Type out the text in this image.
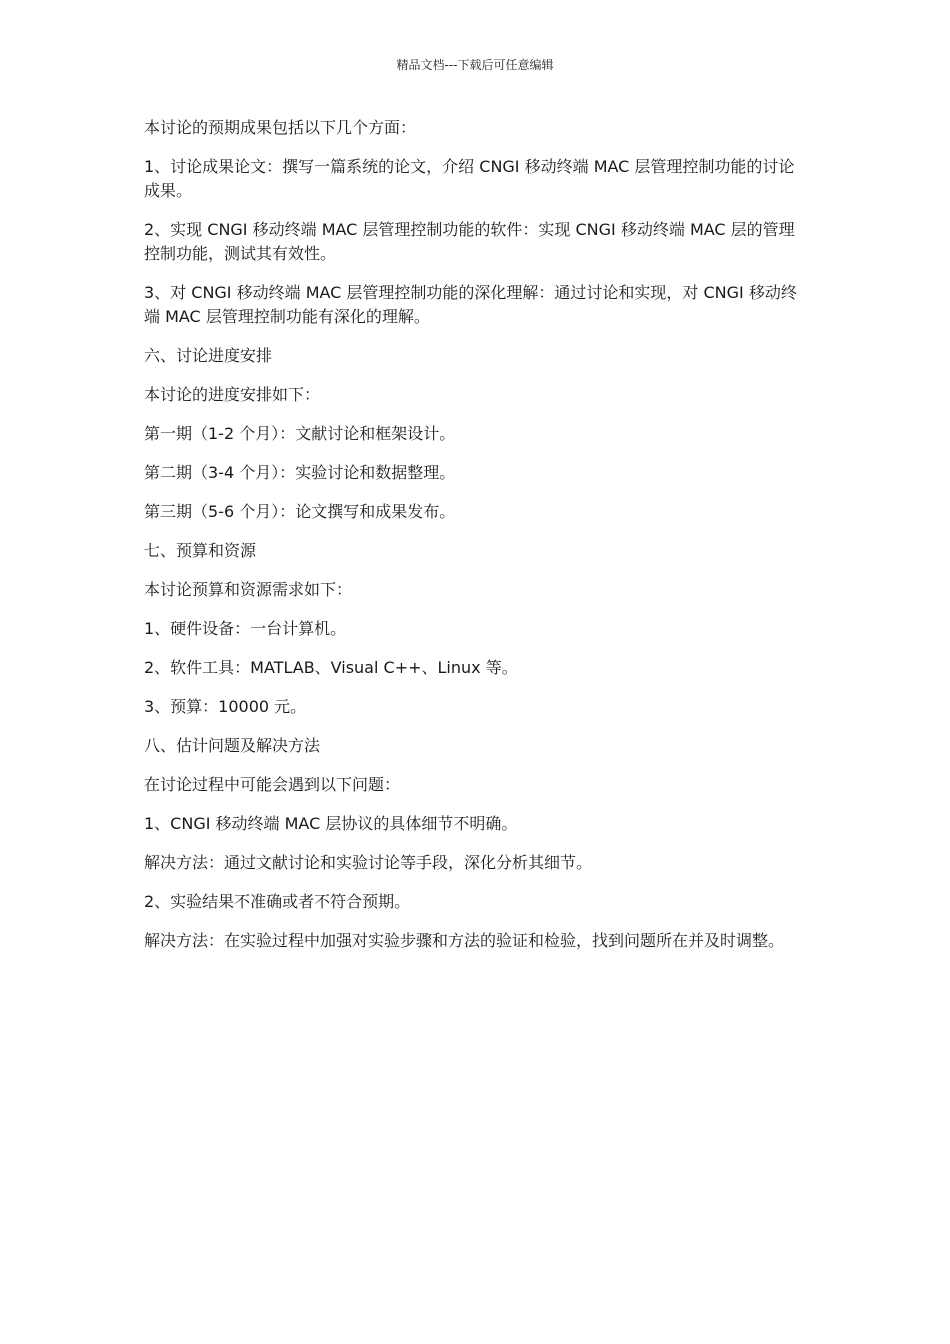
精品文档---下载后可任意编辑

本讨论的预期成果包括以下几个方面：

1、讨论成果论文：撰写一篇系统的论文，介绍 CNGI 移动终端 MAC 层管理控制功能的讨论成果。

2、实现 CNGI 移动终端 MAC 层管理控制功能的软件：实现 CNGI 移动终端 MAC 层的管理控制功能，测试其有效性。

3、对 CNGI 移动终端 MAC 层管理控制功能的深化理解：通过讨论和实现，对 CNGI 移动终端 MAC 层管理控制功能有深化的理解。

六、讨论进度安排

本讨论的进度安排如下：

第一期（1-2 个月）：文献讨论和框架设计。

第二期（3-4 个月）：实验讨论和数据整理。

第三期（5-6 个月）：论文撰写和成果发布。

七、预算和资源

本讨论预算和资源需求如下：

1、硬件设备：一台计算机。

2、软件工具：MATLAB、Visual C++、Linux 等。

3、预算：10000 元。

八、估计问题及解决方法

在讨论过程中可能会遇到以下问题：

1、CNGI 移动终端 MAC 层协议的具体细节不明确。

解决方法：通过文献讨论和实验讨论等手段，深化分析其细节。

2、实验结果不准确或者不符合预期。

解决方法：在实验过程中加强对实验步骤和方法的验证和检验，找到问题所在并及时调整。
